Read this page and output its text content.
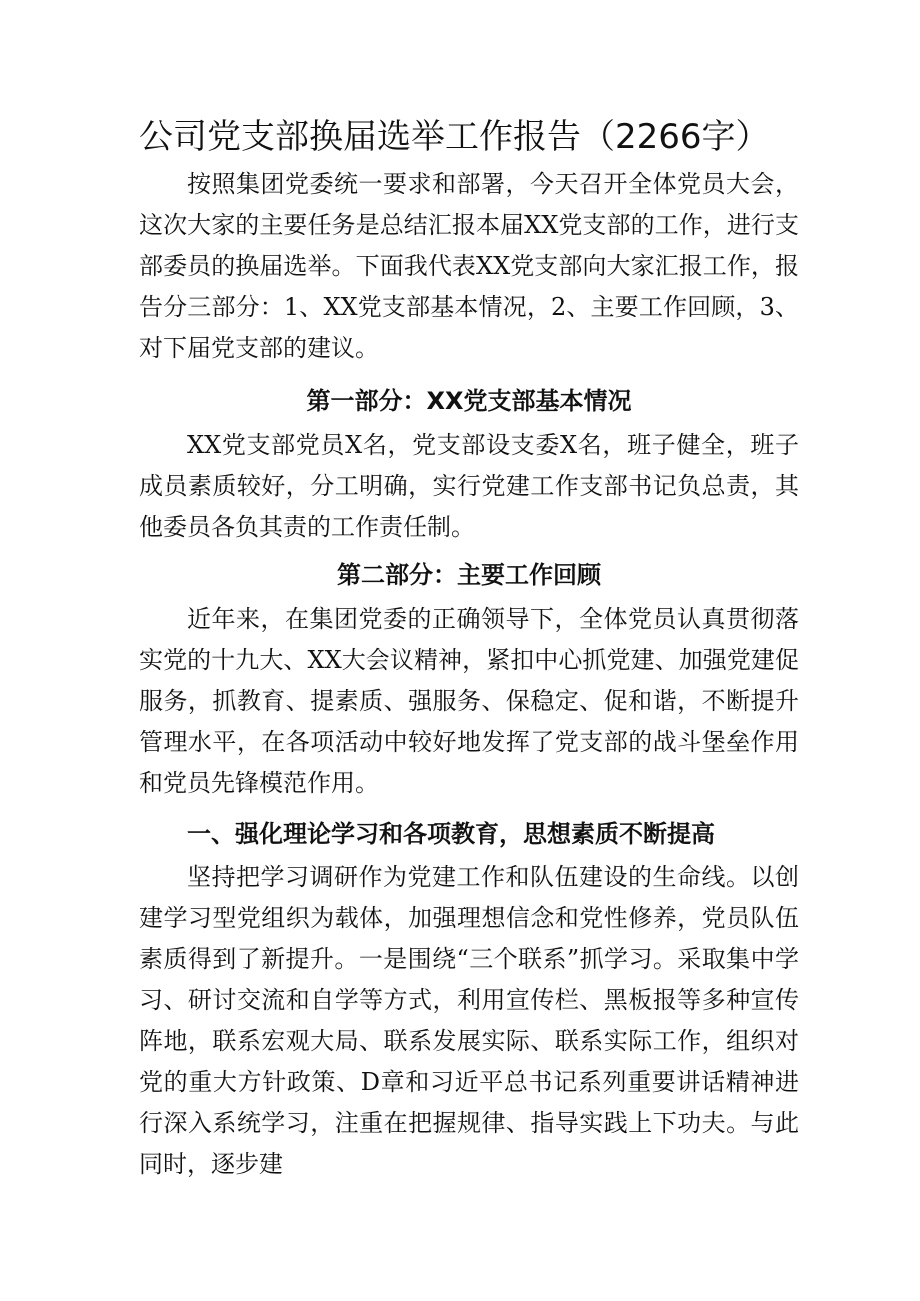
公司党支部换届选举工作报告（2266字）

按照集团党委统一要求和部署，今天召开全体党员大会，这次大家的主要任务是总结汇报本届XX党支部的工作，进行支部委员的换届选举。下面我代表XX党支部向大家汇报工作，报告分三部分：1、XX党支部基本情况，2、主要工作回顾，3、对下届党支部的建议。

第一部分：XX党支部基本情况

XX党支部党员X名，党支部设支委X名，班子健全，班子成员素质较好，分工明确，实行党建工作支部书记负总责，其他委员各负其责的工作责任制。

第二部分：主要工作回顾

近年来，在集团党委的正确领导下，全体党员认真贯彻落实党的十九大、XX大会议精神，紧扣中心抓党建、加强党建促服务，抓教育、提素质、强服务、保稳定、促和谐，不断提升管理水平，在各项活动中较好地发挥了党支部的战斗堡垒作用和党员先锋模范作用。

一、强化理论学习和各项教育，思想素质不断提高

坚持把学习调研作为党建工作和队伍建设的生命线。以创建学习型党组织为载体，加强理想信念和党性修养，党员队伍素质得到了新提升。一是围绕“三个联系”抓学习。采取集中学习、研讨交流和自学等方式，利用宣传栏、黑板报等多种宣传阵地，联系宏观大局、联系发展实际、联系实际工作，组织对党的重大方针政策、D章和习近平总书记系列重要讲话精神进行深入系统学习，注重在把握规律、指导实践上下功夫。与此同时，逐步建
